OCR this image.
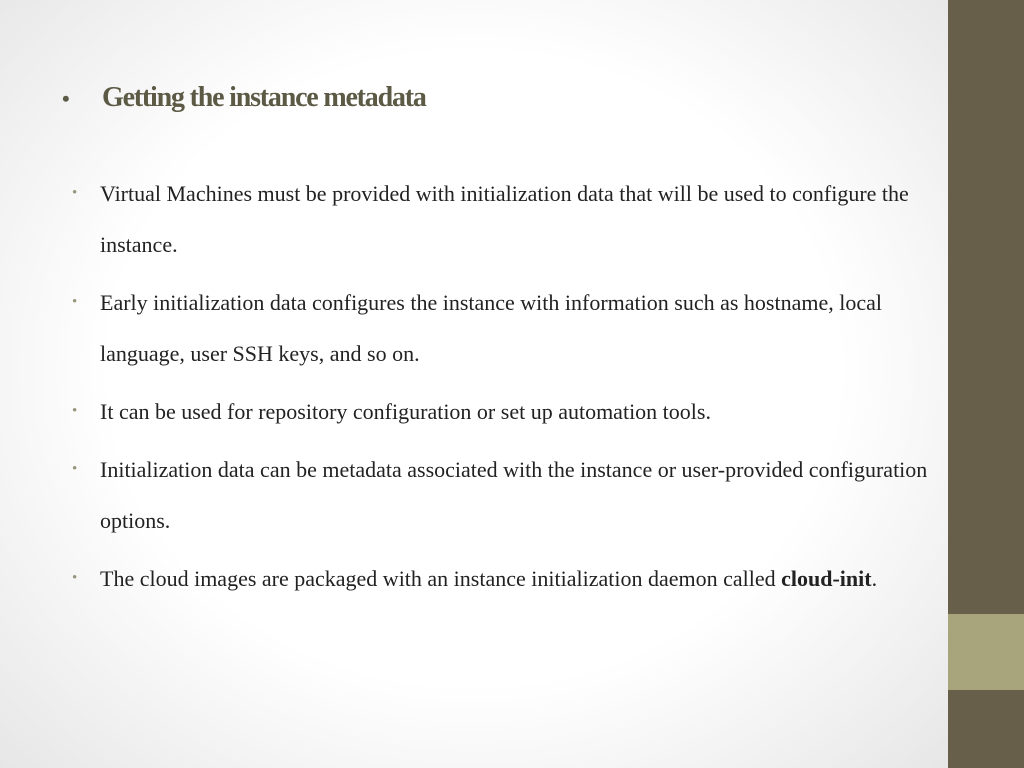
•	Getting the instance metadata
• Virtual Machines must be provided with initialization data that will be used to configure the instance.
• Early initialization data configures the instance with information such as hostname, local language, user SSH keys, and so on.
• It can be used for repository configuration or set up automation tools.
• Initialization data can be metadata associated with the instance or user-provided configuration options.
• The cloud images are packaged with an instance initialization daemon called cloud-init.
